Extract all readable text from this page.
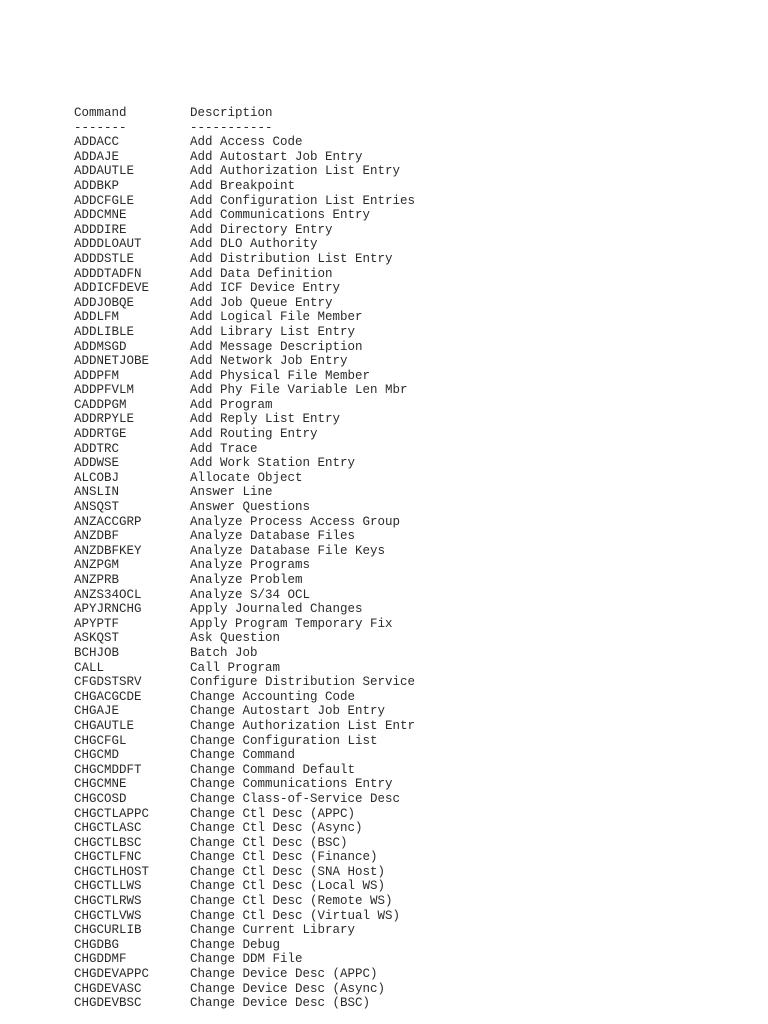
Command	Description
-------	-----------
ADDACC	Add Access Code
ADDAJE	Add Autostart Job Entry
ADDAUTLE	Add Authorization List Entry
ADDBKP	Add Breakpoint
ADDCFGLE	Add Configuration List Entries
ADDCMNE	Add Communications Entry
ADDDIRE	Add Directory Entry
ADDDLOAUT	Add DLO Authority
ADDDSTLE	Add Distribution List Entry
ADDDTADFN	Add Data Definition
ADDICFDEVE	Add ICF Device Entry
ADDJOBQE	Add Job Queue Entry
ADDLFM	Add Logical File Member
ADDLIBLE	Add Library List Entry
ADDMSGD	Add Message Description
ADDNETJOBE	Add Network Job Entry
ADDPFM	Add Physical File Member
ADDPFVLM	Add Phy File Variable Len Mbr
CADDPGM	Add Program
ADDRPYLE	Add Reply List Entry
ADDRTGE	Add Routing Entry
ADDTRC	Add Trace
ADDWSE	Add Work Station Entry
ALCOBJ	Allocate Object
ANSLIN	Answer Line
ANSQST	Answer Questions
ANZACCGRP	Analyze Process Access Group
ANZDBF	Analyze Database Files
ANZDBFKEY	Analyze Database File Keys
ANZPGM	Analyze Programs
ANZPRB	Analyze Problem
ANZS34OCL	Analyze S/34 OCL
APYJRNCHG	Apply Journaled Changes
APYPTF	Apply Program Temporary Fix
ASKQST	Ask Question
BCHJOB	Batch Job
CALL	Call Program
CFGDSTSRV	Configure Distribution Service
CHGACGCDE	Change Accounting Code
CHGAJE	Change Autostart Job Entry
CHGAUTLE	Change Authorization List Entr
CHGCFGL	Change Configuration List
CHGCMD	Change Command
CHGCMDDFT	Change Command Default
CHGCMNE	Change Communications Entry
CHGCOSD	Change Class-of-Service Desc
CHGCTLAPPC	Change Ctl Desc (APPC)
CHGCTLASC	Change Ctl Desc (Async)
CHGCTLBSC	Change Ctl Desc (BSC)
CHGCTLFNC	Change Ctl Desc (Finance)
CHGCTLHOST	Change Ctl Desc (SNA Host)
CHGCTLLWS	Change Ctl Desc (Local WS)
CHGCTLRWS	Change Ctl Desc (Remote WS)
CHGCTLVWS	Change Ctl Desc (Virtual WS)
CHGCURLIB	Change Current Library
CHGDBG	Change Debug
CHGDDMF	Change DDM File
CHGDEVAPPC	Change Device Desc (APPC)
CHGDEVASC	Change Device Desc (Async)
CHGDEVBSC	Change Device Desc (BSC)
